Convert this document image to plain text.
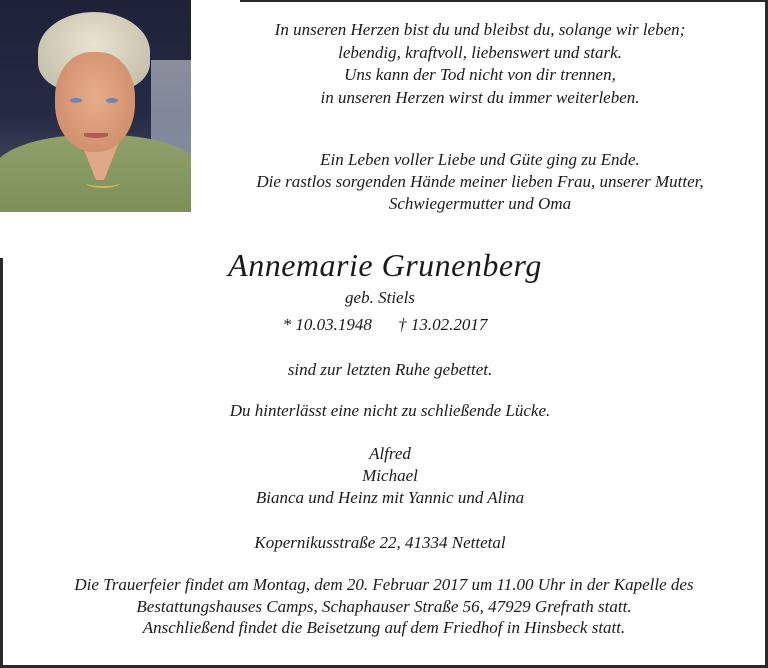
In unseren Herzen bist du und bleibst du, solange wir leben;
lebendig, kraftvoll, liebenswert und stark.
Uns kann der Tod nicht von dir trennen,
in unseren Herzen wirst du immer weiterleben.
Ein Leben voller Liebe und Güte ging zu Ende.
Die rastlos sorgenden Hände meiner lieben Frau, unserer Mutter,
Schwiegermutter und Oma
Annemarie Grunenberg
geb. Stiels
* 10.03.1948 † 13.02.2017
sind zur letzten Ruhe gebettet.
Du hinterlässt eine nicht zu schließende Lücke.
Alfred
Michael
Bianca und Heinz mit Yannic und Alina
Kopernikusstraße 22, 41334 Nettetal
Die Trauerfeier findet am Montag, dem 20. Februar 2017 um 11.00 Uhr in der Kapelle des
Bestattungshauses Camps, Schaphauser Straße 56, 47929 Grefrath statt.
Anschließend findet die Beisetzung auf dem Friedhof in Hinsbeck statt.
